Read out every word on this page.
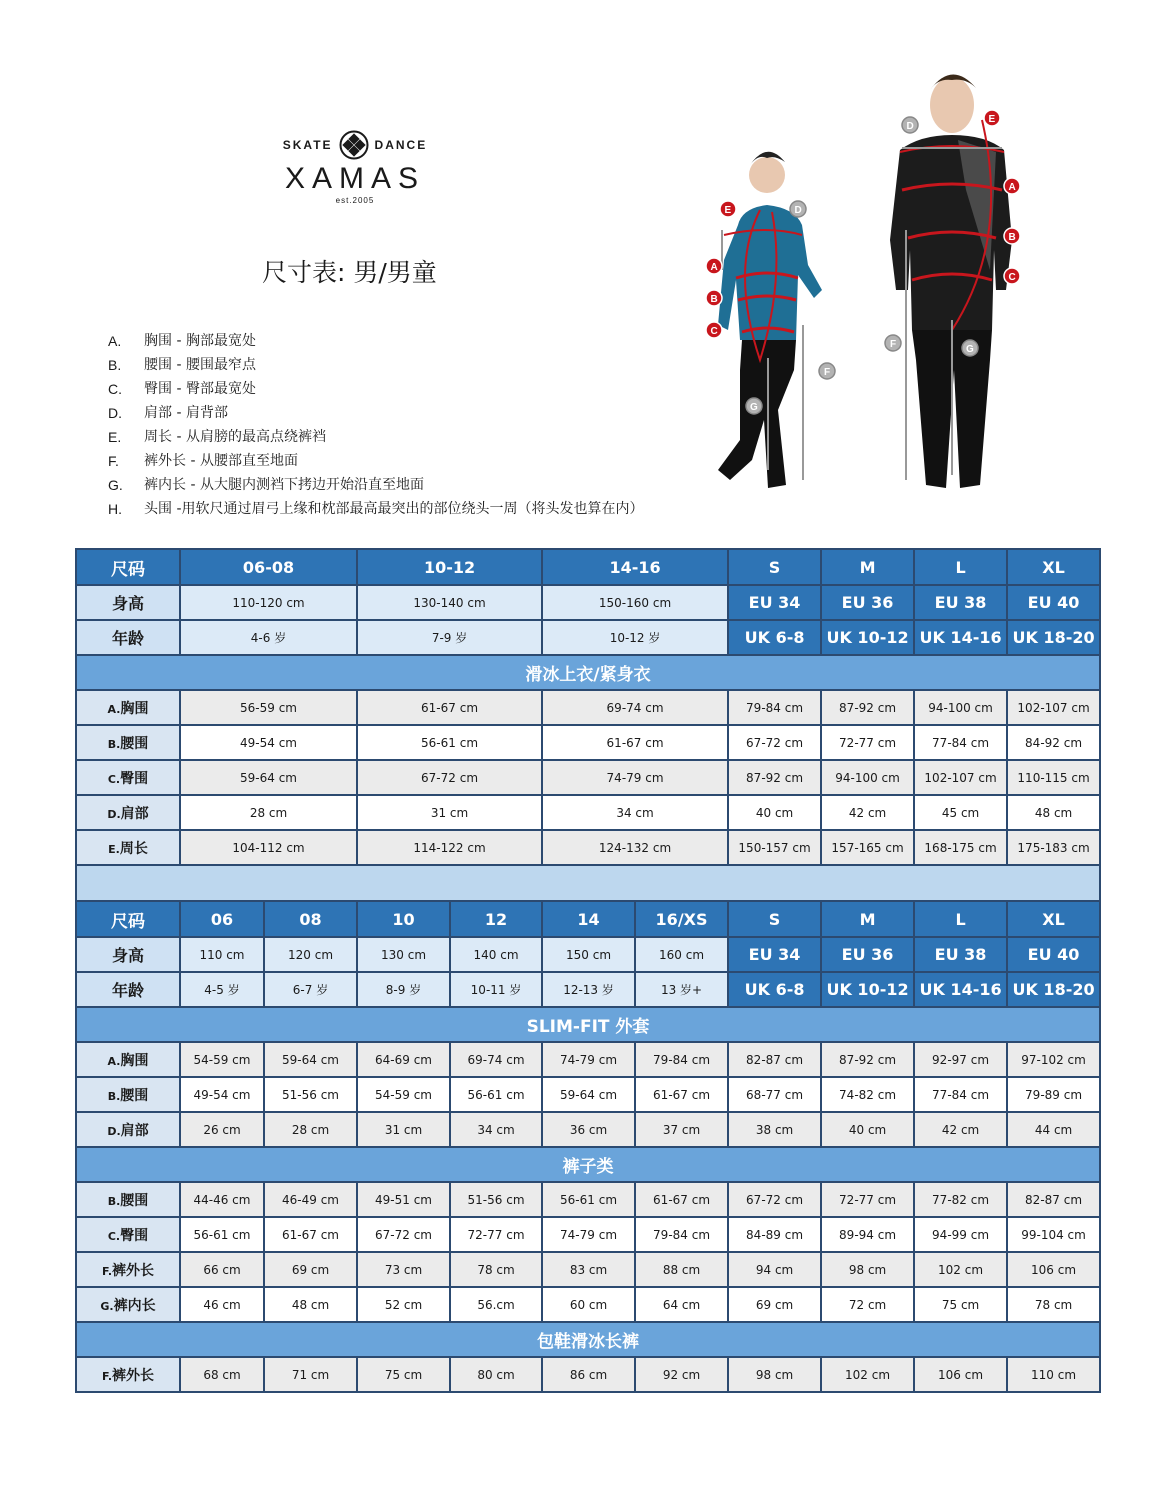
SKATE	DANCE
XAMAS
est.2005
尺寸表: 男/男童
A.	胸围 - 胸部最宽处
B.	腰围 - 腰围最窄点
C.	臀围 - 臀部最宽处
D.	肩部 - 肩背部
E.	周长 - 从肩膀的最高点绕裤裆
F.	裤外长 - 从腰部直至地面
G.	裤内长 - 从大腿内测裆下拷边开始沿直至地面
H.	头围 -用软尺通过眉弓上缘和枕部最高最突出的部位绕头一周（将头发也算在内）
E	D
A
B
C
F
G
D
E
A
B
C
F	G
尺码	06-08		10-12		14-16		S	M	L	XL
身高	110-120 cm		130-140 cm		150-160 cm		EU 34	EU 36	EU 38	EU 40
年龄	4-6 岁		7-9 岁		10-12 岁		UK 6-8	UK 10-12	UK 14-16	UK 18-20
滑冰上衣/紧身衣										
A.胸围	56-59 cm		61-67 cm		69-74 cm		79-84 cm	87-92 cm	94-100 cm	102-107 cm
B.腰围	49-54 cm		56-61 cm		61-67 cm		67-72 cm	72-77 cm	77-84 cm	84-92 cm
C.臀围	59-64 cm		67-72 cm		74-79 cm		87-92 cm	94-100 cm	102-107 cm	110-115 cm
D.肩部	28 cm		31 cm		34 cm		40 cm	42 cm	45 cm	48 cm
E.周长	104-112 cm		114-122 cm		124-132 cm		150-157 cm	157-165 cm	168-175 cm	175-183 cm

尺码	06	08	10	12	14	16/XS	S	M	L	XL
身高	110 cm	120 cm	130 cm	140 cm	150 cm	160 cm	EU 34	EU 36	EU 38	EU 40
年龄	4-5 岁	6-7 岁	8-9 岁	10-11 岁	12-13 岁	13 岁+	UK 6-8	UK 10-12	UK 14-16	UK 18-20
SLIM-FIT 外套										
A.胸围	54-59 cm	59-64 cm	64-69 cm	69-74 cm	74-79 cm	79-84 cm	82-87 cm	87-92 cm	92-97 cm	97-102 cm
B.腰围	49-54 cm	51-56 cm	54-59 cm	56-61 cm	59-64 cm	61-67 cm	68-77 cm	74-82 cm	77-84 cm	79-89 cm
D.肩部	26 cm	28 cm	31 cm	34 cm	36 cm	37 cm	38 cm	40 cm	42 cm	44 cm
裤子类										
B.腰围	44-46 cm	46-49 cm	49-51 cm	51-56 cm	56-61 cm	61-67 cm	67-72 cm	72-77 cm	77-82 cm	82-87 cm
C.臀围	56-61 cm	61-67 cm	67-72 cm	72-77 cm	74-79 cm	79-84 cm	84-89 cm	89-94 cm	94-99 cm	99-104 cm
F.裤外长	66 cm	69 cm	73 cm	78 cm	83 cm	88 cm	94 cm	98 cm	102 cm	106 cm
G.裤内长	46 cm	48 cm	52 cm	56.cm	60 cm	64 cm	69 cm	72 cm	75 cm	78 cm
包鞋滑冰长裤										
F.裤外长	68 cm	71 cm	75 cm	80 cm	86 cm	92 cm	98 cm	102 cm	106 cm	110 cm
